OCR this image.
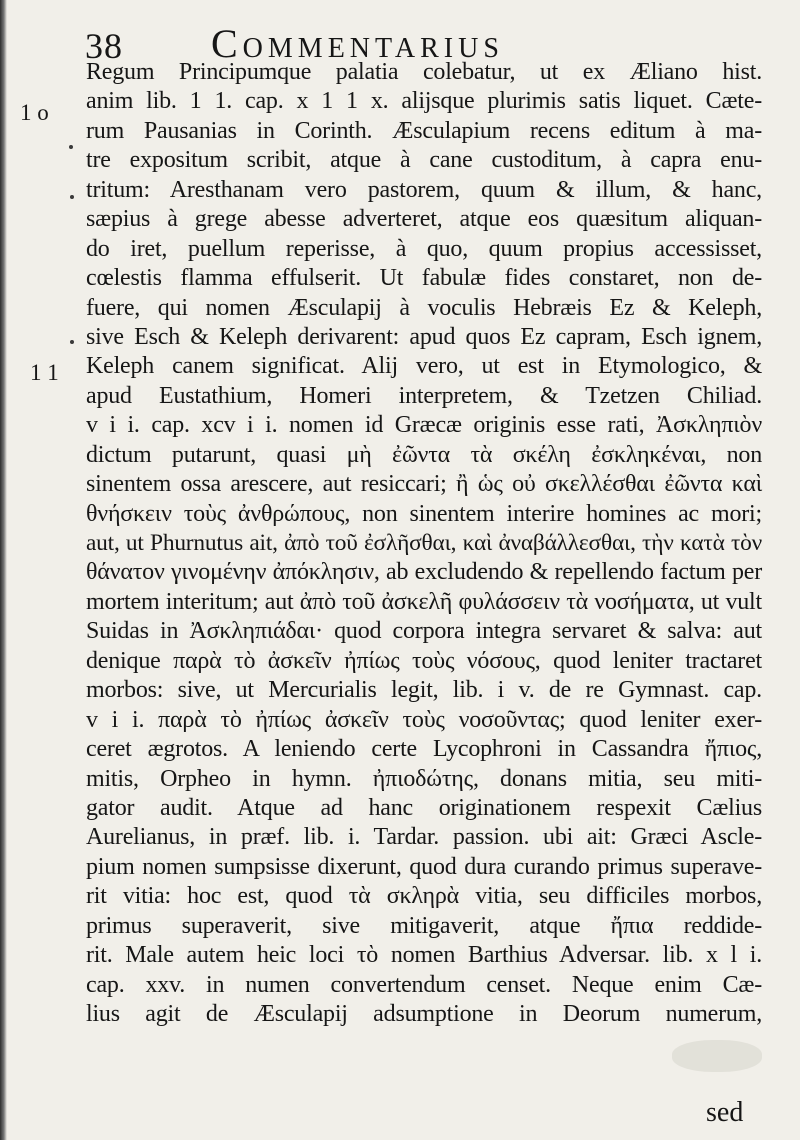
38 Commentarius
1 o
1 1
Regum Principumque palatia colebatur, ut ex Æliano hist.
anim lib. 1 1. cap. x 1 1 x. alijsque plurimis satis liquet. Cæte-
rum Pausanias in Corinth. Æsculapium recens editum à ma-
tre expositum scribit, atque à cane custoditum, à capra enu-
tritum: Aresthanam vero pastorem, quum & illum, & hanc,
sæpius à grege abesse adverteret, atque eos quæsitum aliquan-
do iret, puellum reperisse, à quo, quum propius accessisset,
cœlestis flamma effulserit. Ut fabulæ fides constaret, non de-
fuere, qui nomen Æsculapij à voculis Hebræis Ez & Keleph,
sive Esch & Keleph derivarent: apud quos Ez capram, Esch ignem,
Keleph canem significat. Alij vero, ut est in Etymologico, &
apud Eustathium, Homeri interpretem, & Tzetzen Chiliad.
v i i. cap. xcv i i. nomen id Græcæ originis esse rati, Ἀσκληπιὸν
dictum putarunt, quasi μὴ ἐῶντα τὰ σκέλη ἐσκληκέναι, non
sinentem ossa arescere, aut resiccari; ἢ ὡς οὐ σκελλέσθαι ἐῶντα καὶ
θνήσκειν τοὺς ἀνθρώπους, non sinentem interire homines ac mori;
aut, ut Phurnutus ait, ἀπὸ τοῦ ἐσλῆσθαι, καὶ ἀναβάλλεσθαι, τὴν κατὰ τὸν
θάνατον γινομένην ἀπόκλησιν, ab excludendo & repellendo factum per
mortem interitum; aut ἀπὸ τοῦ ἀσκελῆ φυλάσσειν τὰ νοσήματα, ut vult
Suidas in Ἀσκληπιάδαι· quod corpora integra servaret & salva: aut
denique παρὰ τὸ ἀσκεῖν ἠπίως τοὺς νόσους, quod leniter tractaret
morbos: sive, ut Mercurialis legit, lib. i v. de re Gymnast. cap.
v i i. παρὰ τὸ ἠπίως ἀσκεῖν τοὺς νοσοῦντας; quod leniter exer-
ceret ægrotos. A leniendo certe Lycophroni in Cassandra ἤπιος,
mitis, Orpheo in hymn. ἠπιοδώτης, donans mitia, seu miti-
gator audit. Atque ad hanc originationem respexit Cælius
Aurelianus, in præf. lib. i. Tardar. passion. ubi ait: Græci Ascle-
pium nomen sumpsisse dixerunt, quod dura curando primus superave-
rit vitia: hoc est, quod τὰ σκληρὰ vitia, seu difficiles morbos,
primus superaverit, sive mitigaverit, atque ἤπια reddide-
rit. Male autem heic loci τὸ nomen Barthius Adversar. lib. x l i.
cap. xxv. in numen convertendum censet. Neque enim Cæ-
lius agit de Æsculapij adsumptione in Deorum numerum,
sed
